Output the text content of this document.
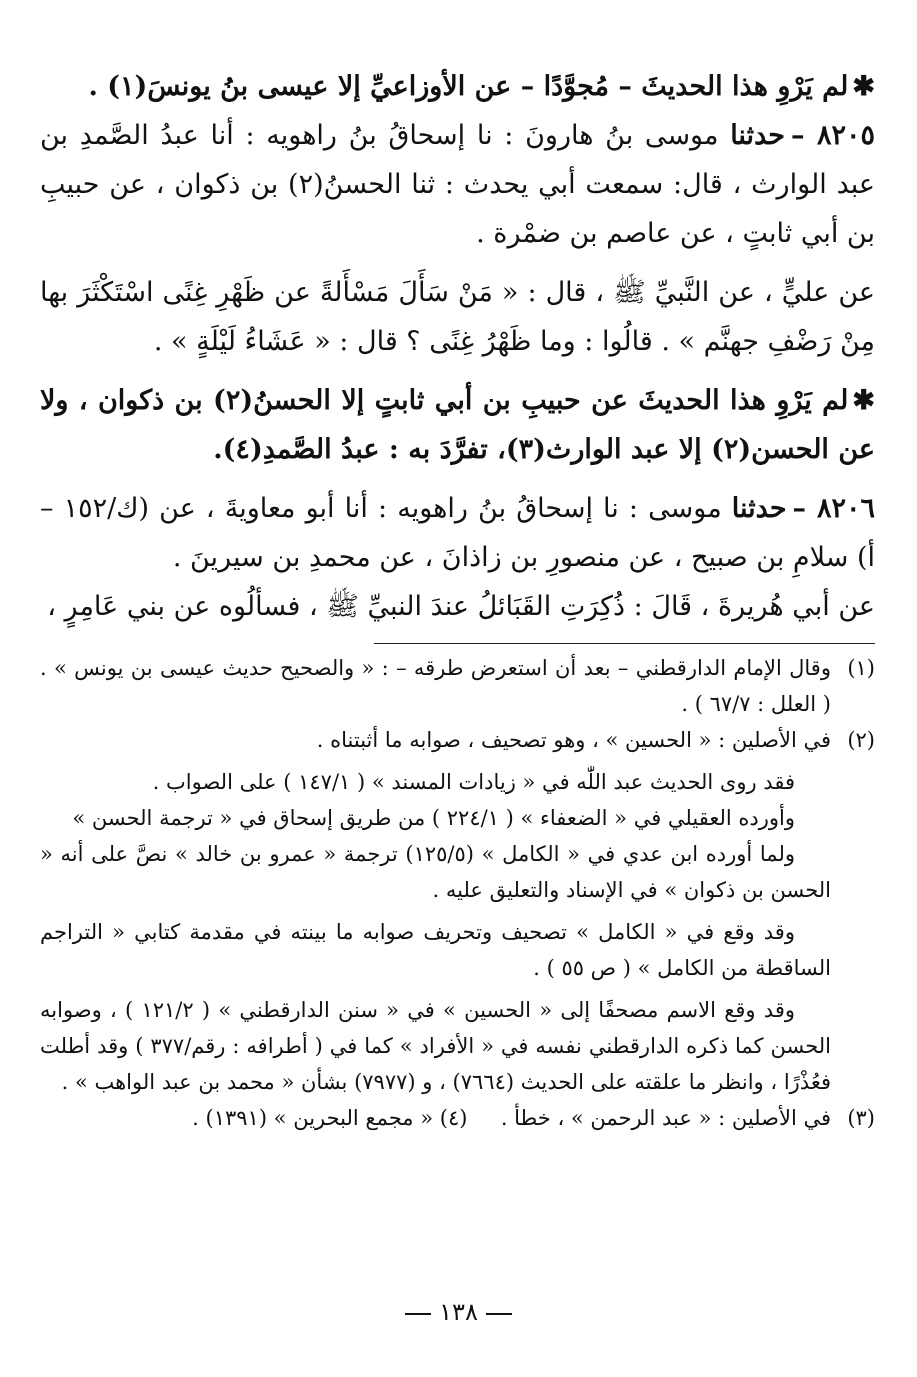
✱لم يَرْوِ هذا الحديثَ – مُجوَّدًا – عن الأوزاعيِّ إلا عيسى بنُ يونسَ(١) .

٨٢٠٥ –حدثنا موسى بنُ هارونَ : نا إسحاقُ بنُ راهويه : أنا عبدُ الصَّمدِ بن عبد الوارث ، قال: سمعت أبي يحدث : ثنا الحسنُ(٢) بن ذكوان ، عن حبيبِ بن أبي ثابتٍ ، عن عاصم بن ضمْرة .

عن عليٍّ ، عن النَّبيِّ ﷺ ، قال : « مَنْ سَأَلَ مَسْأَلةً عن ظَهْرِ غِنًى اسْتَكْثَرَ بها مِنْ رَضْفِ جهنَّم » . قالُوا : وما ظَهْرُ غِنًى ؟ قال : « عَشَاءُ لَيْلَةٍ » .

✱لم يَرْوِ هذا الحديثَ عن حبيبِ بن أبي ثابتٍ إلا الحسنُ(٢) بن ذكوان ، ولا عن الحسن(٢) إلا عبد الوارث(٣)، تفرَّدَ به : عبدُ الصَّمدِ(٤).

٨٢٠٦ –حدثنا موسى : نا إسحاقُ بنُ راهويه : أنا أبو معاويةَ ، عن (ك/١٥٢ – أ) سلامِ بن صبيح ، عن منصورِ بن زاذانَ ، عن محمدِ بن سيرينَ .

عن أبي هُريرةَ ، قَالَ : ذُكِرَتِ القَبَائلُ عندَ النبيِّ ﷺ ، فسألُوه عن بني عَامِرٍ ،

(١)
وقال الإمام الدارقطني – بعد أن استعرض طرقه – : « والصحيح حديث عيسى بن يونس » . ( العلل : ٦٧/٧ ) .

(٢)
في الأصلين : « الحسين » ، وهو تصحيف ، صوابه ما أثبتناه .

فقد روى الحديث عبد اللّٰه في « زيادات المسند » ( ١٤٧/١ ) على الصواب .

وأورده العقيلي في « الضعفاء » ( ٢٢٤/١ ) من طريق إسحاق في « ترجمة الحسن »

ولما أورده ابن عدي في « الكامل » (١٢٥/٥) ترجمة « عمرو بن خالد » نصَّ على أنه « الحسن بن ذكوان » في الإسناد والتعليق عليه .

وقد وقع في « الكامل » تصحيف وتحريف صوابه ما بينته في مقدمة كتابي « التراجم الساقطة من الكامل » ( ص ٥٥ ) .

وقد وقع الاسم مصحفًا إلى « الحسين » في « سنن الدارقطني » ( ١٢١/٢ ) ، وصوابه الحسن كما ذكره الدارقطني نفسه في « الأفراد » كما في ( أطرافه : رقم/٣٧٧ ) وقد أطلت فعُذْرًا ، وانظر ما علقته على الحديث (٧٦٦٤) ، و (٧٩٧٧) بشأن « محمد بن عبد الواهب » .

(٣)
في الأصلين : « عبد الرحمن » ، خطأ .     (٤) « مجمع البحرين » (١٣٩١) .

١٣٨
